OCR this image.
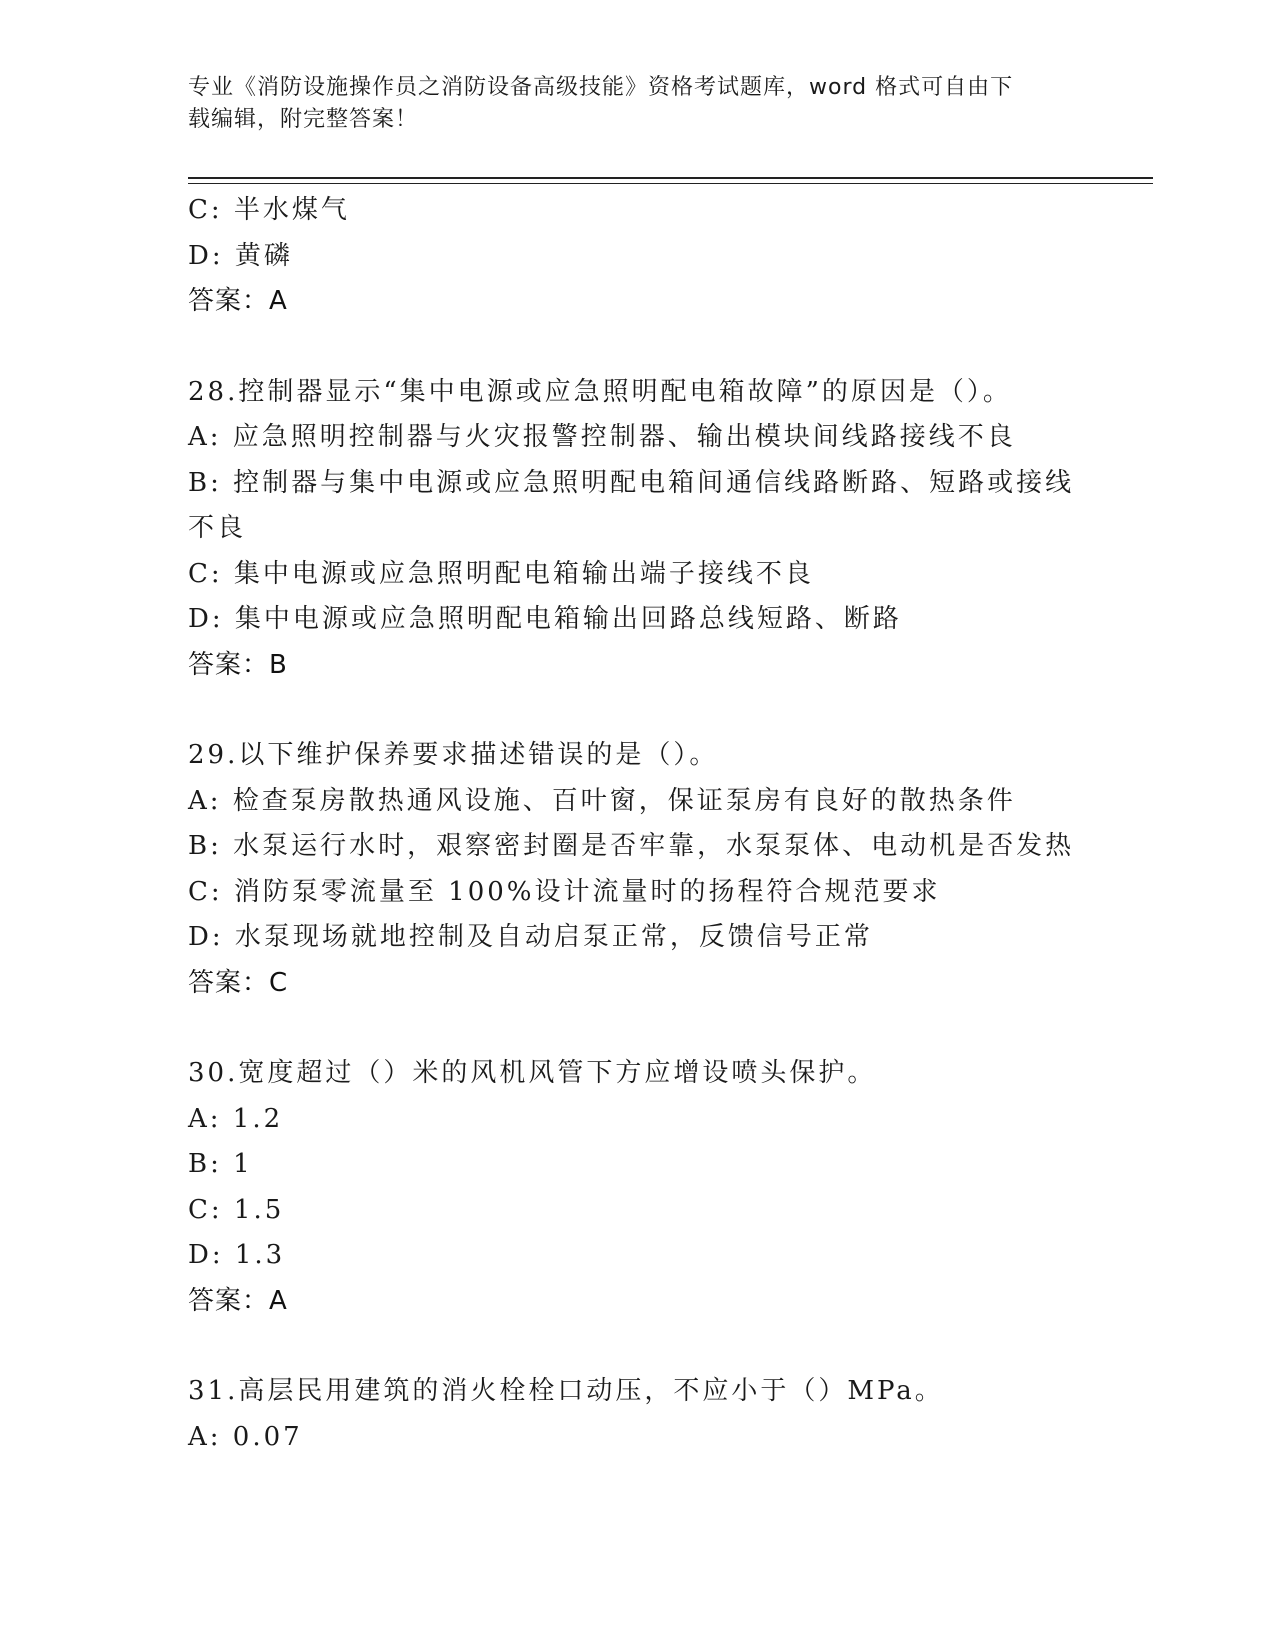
专业《消防设施操作员之消防设备高级技能》资格考试题库，word 格式可自由下
载编辑，附完整答案！
C: 半水煤气
D: 黄磷
答案：A
28.控制器显示“集中电源或应急照明配电箱故障”的原因是（）。
A: 应急照明控制器与火灾报警控制器、输出模块间线路接线不良
B: 控制器与集中电源或应急照明配电箱间通信线路断路、短路或接线
不良
C: 集中电源或应急照明配电箱输出端子接线不良
D: 集中电源或应急照明配电箱输出回路总线短路、断路
答案：B
29.以下维护保养要求描述错误的是（）。
A: 检查泵房散热通风设施、百叶窗，保证泵房有良好的散热条件
B: 水泵运行水时，艰察密封圈是否牢靠，水泵泵体、电动机是否发热
C: 消防泵零流量至 100%设计流量时的扬程符合规范要求
D: 水泵现场就地控制及自动启泵正常，反馈信号正常
答案：C
30.宽度超过（）米的风机风管下方应增设喷头保护。
A: 1.2
B: 1
C: 1.5
D: 1.3
答案：A
31.高层民用建筑的消火栓栓口动压，不应小于（）MPa。
A: 0.07
